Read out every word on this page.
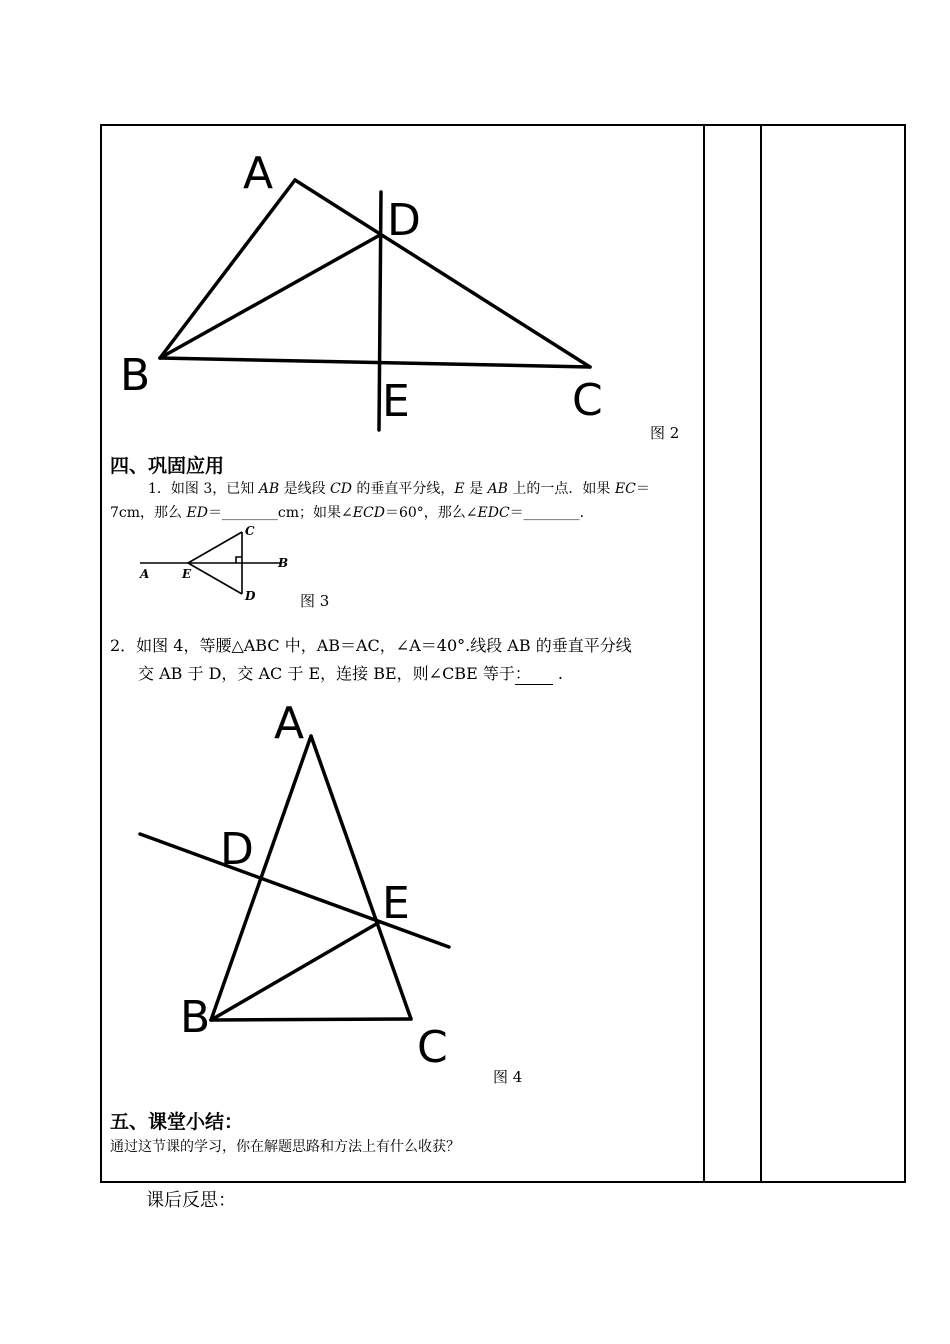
A
B	C
D
E
图 2
四、巩固应用
1．如图 3，已知 AB 是线段 CD 的垂直平分线，E 是 AB 上的一点．如果 EC＝
7cm，那么 ED＝________cm；如果∠ECD＝60°，那么∠EDC＝________.
A	E
B
C
D	图 3
2．如图 4，等腰△ABC 中，AB＝AC，∠A＝40°.线段 AB 的垂直平分线
交 AB 于 D，交 AC 于 E，连接 BE，则∠CBE 等于： .
A
B
C
D
E
图 4
五、课堂小结：
通过这节课的学习，你在解题思路和方法上有什么收获？
课后反思：
